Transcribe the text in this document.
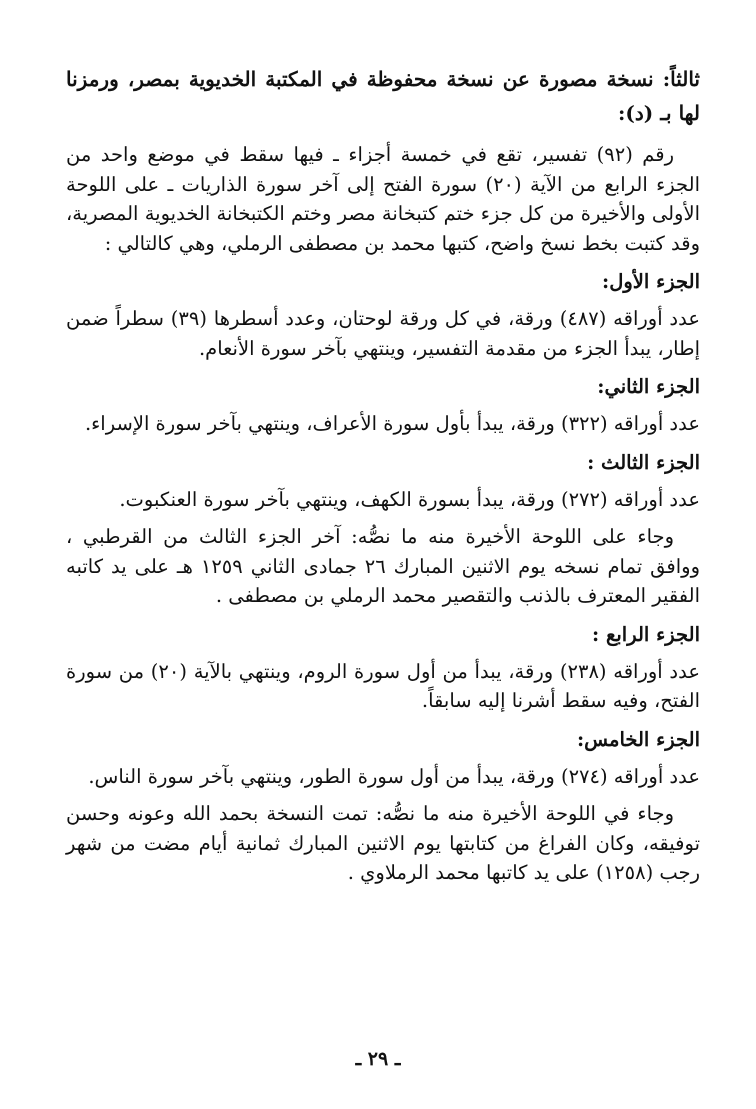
ثالثاً: نسخة مصورة عن نسخة محفوظة في المكتبة الخديوية بمصر، ورمزنا لها بـ (د):

رقم (٩٢) تفسير، تقع في خمسة أجزاء ـ فيها سقط في موضع واحد من الجزء الرابع من الآية (٢٠) سورة الفتح إلى آخر سورة الذاريات ـ على اللوحة الأولى والأخيرة من كل جزء ختم كتبخانة مصر وختم الكتبخانة الخديوية المصرية، وقد كتبت بخط نسخ واضح، كتبها محمد بن مصطفى الرملي، وهي كالتالي :

الجزء الأول:

عدد أوراقه (٤٨٧) ورقة، في كل ورقة لوحتان، وعدد أسطرها (٣٩) سطراً ضمن إطار، يبدأ الجزء من مقدمة التفسير، وينتهي بآخر سورة الأنعام.

الجزء الثاني:

عدد أوراقه (٣٢٢) ورقة، يبدأ بأول سورة الأعراف، وينتهي بآخر سورة الإسراء.

الجزء الثالث :

عدد أوراقه (٢٧٢) ورقة، يبدأ بسورة الكهف، وينتهي بآخر سورة العنكبوت.

وجاء على اللوحة الأخيرة منه ما نصُّه: آخر الجزء الثالث من القرطبي ، ووافق تمام نسخه يوم الاثنين المبارك ٢٦ جمادى الثاني ١٢٥٩ هـ على يد كاتبه الفقير المعترف بالذنب والتقصير محمد الرملي بن مصطفى .

الجزء الرابع :

عدد أوراقه (٢٣٨) ورقة، يبدأ من أول سورة الروم، وينتهي بالآية (٢٠) من سورة الفتح، وفيه سقط أشرنا إليه سابقاً.

الجزء الخامس:

عدد أوراقه (٢٧٤) ورقة، يبدأ من أول سورة الطور، وينتهي بآخر سورة الناس.

وجاء في اللوحة الأخيرة منه ما نصُّه: تمت النسخة بحمد الله وعونه وحسن توفيقه، وكان الفراغ من كتابتها يوم الاثنين المبارك ثمانية أيام مضت من شهر رجب (١٢٥٨) على يد كاتبها محمد الرملاوي .

ـ ٢٩ ـ
